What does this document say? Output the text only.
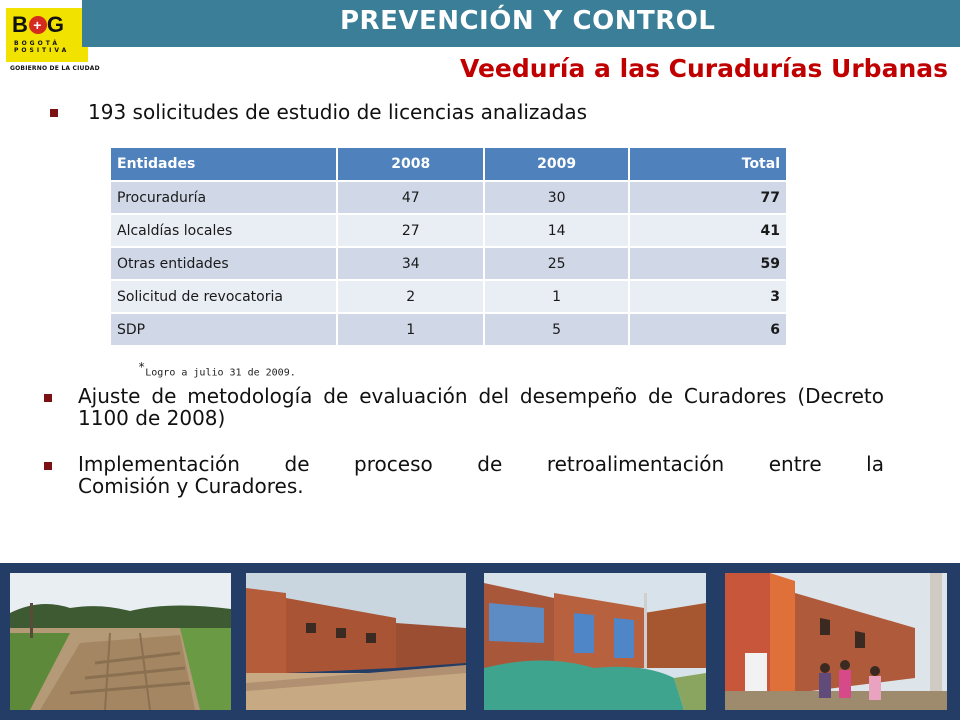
B + G
BOGOTÁ POSITIVA
GOBIERNO DE LA CIUDAD
PREVENCIÓN Y CONTROL
Veeduría a las Curadurías Urbanas
193 solicitudes de estudio de licencias analizadas
Entidades	2008	2009	Total
Procuraduría	47	30	77
Alcaldías locales	27	14	41
Otras entidades	34	25	59
Solicitud de revocatoria	2	1	3
SDP	1	5	6
*Logro a julio 31 de 2009.
Ajuste de metodología de evaluación del desempeño de Curadores (Decreto 1100 de 2008)
Implementación de proceso de retroalimentación entre la
Comisión y Curadores.
